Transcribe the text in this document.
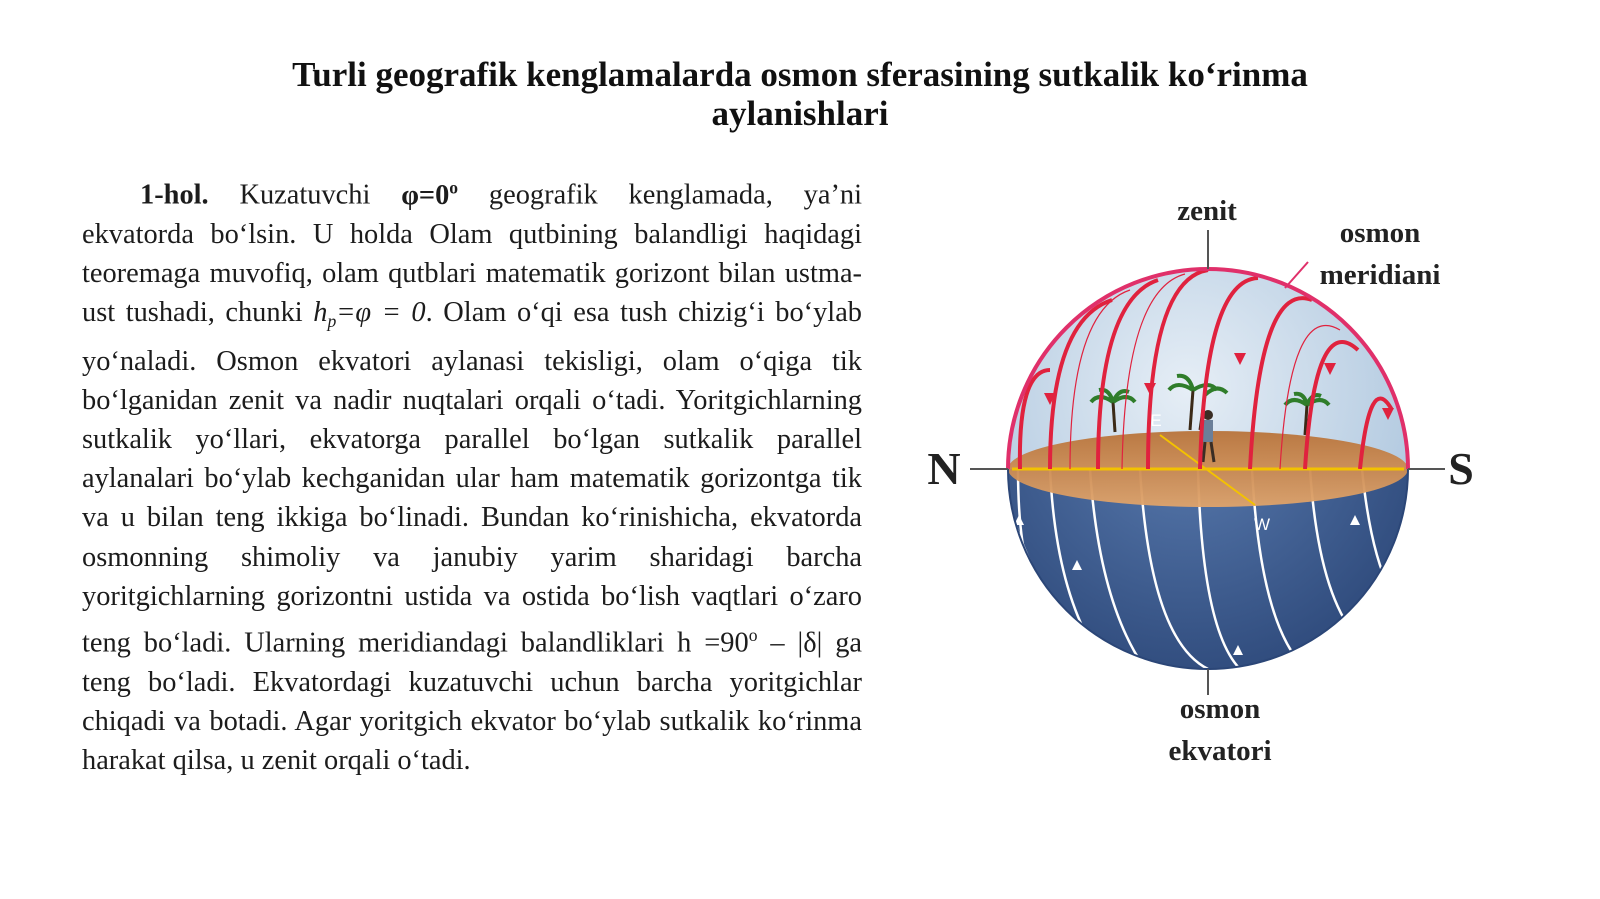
Turli geografik kenglamalarda osmon sferasining sutkalik ko‘rinma
aylanishlari

1-hol. Kuzatuvchi $\varphi=0^o$ geografik kenglamada, ya’ni ekvatorda bo‘lsin. U holda Olam qutbining balandligi haqidagi teoremaga muvofiq, olam qutblari matematik gorizont bilan ustma-ust tushadi, chunki $h_p=\varphi = 0$. Olam o‘qi esa tush chizig‘i bo‘ylab yo‘naladi. Osmon ekvatori aylanasi tekisligi, olam o‘qiga tik bo‘lganidan zenit va nadir nuqtalari orqali o‘tadi. Yoritgichlarning sutkalik yo‘llari, ekvatorga parallel bo‘lgan sutkalik parallel aylanalari bo‘ylab kechganidan ular ham matematik gorizontga tik va u bilan teng ikkiga bo‘linadi. Bundan ko‘rinishicha, ekvatorda osmonning shimoliy va janubiy yarim sharidagi barcha yoritgichlarning gorizontni ustida va ostida bo‘lish vaqtlari o‘zaro teng bo‘ladi. Ularning meridiandagi balandliklari $h =90^o - |\delta|$ ga teng bo‘ladi. Ekvatordagi kuzatuvchi uchun barcha yoritgichlar chiqadi va botadi. Agar yoritgich ekvator bo‘ylab sutkalik ko‘rinma harakat qilsa, u zenit orqali o‘tadi.

zenit
osmon
meridiani
N	S
E
W
osmon
ekvatori
